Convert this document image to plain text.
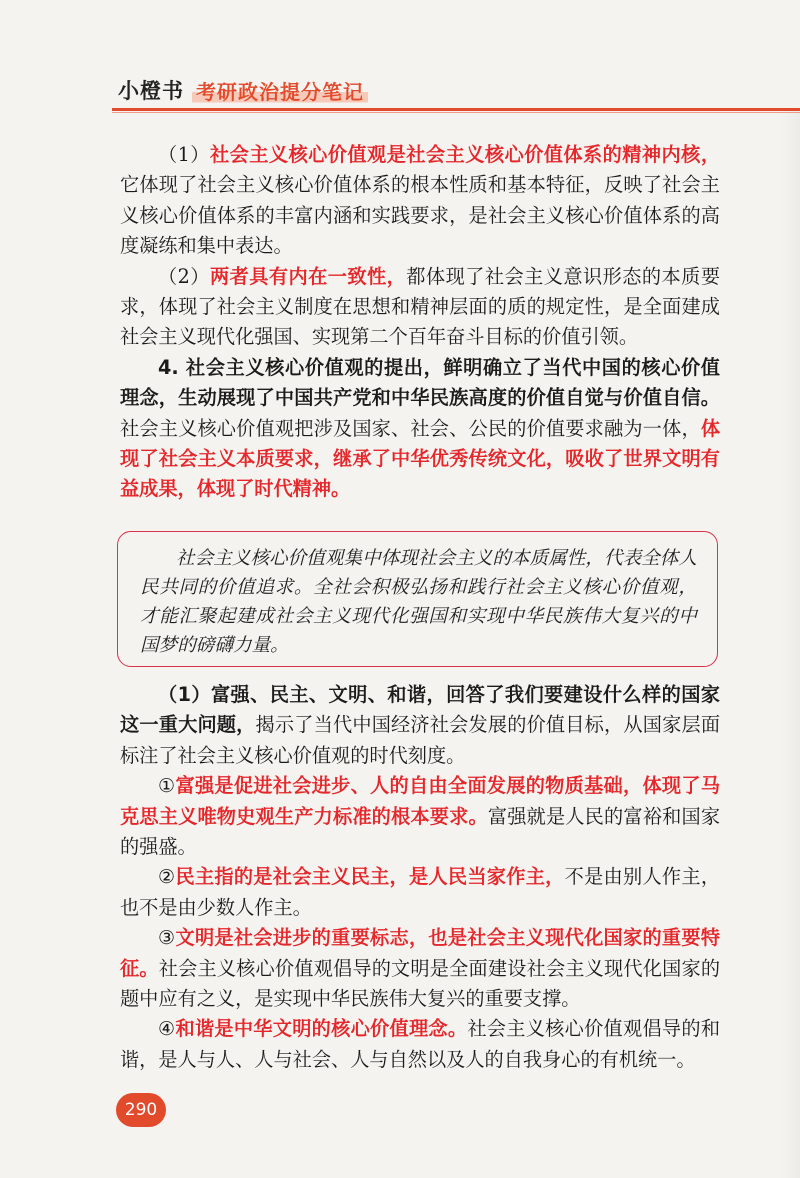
小橙书 考研政治提分笔记

（1）社会主义核心价值观是社会主义核心价值体系的精神内核，它体现了社会主义核心价值体系的根本性质和基本特征，反映了社会主义核心价值体系的丰富内涵和实践要求，是社会主义核心价值体系的高度凝练和集中表达。

（2）两者具有内在一致性，都体现了社会主义意识形态的本质要求，体现了社会主义制度在思想和精神层面的质的规定性，是全面建成社会主义现代化强国、实现第二个百年奋斗目标的价值引领。

4. 社会主义核心价值观的提出，鲜明确立了当代中国的核心价值理念，生动展现了中国共产党和中华民族高度的价值自觉与价值自信。社会主义核心价值观把涉及国家、社会、公民的价值要求融为一体，体现了社会主义本质要求，继承了中华优秀传统文化，吸收了世界文明有益成果，体现了时代精神。

社会主义核心价值观集中体现社会主义的本质属性，代表全体人民共同的价值追求。全社会积极弘扬和践行社会主义核心价值观，才能汇聚起建成社会主义现代化强国和实现中华民族伟大复兴的中国梦的磅礴力量。

（1）富强、民主、文明、和谐，回答了我们要建设什么样的国家这一重大问题，揭示了当代中国经济社会发展的价值目标，从国家层面标注了社会主义核心价值观的时代刻度。

①富强是促进社会进步、人的自由全面发展的物质基础，体现了马克思主义唯物史观生产力标准的根本要求。富强就是人民的富裕和国家的强盛。

②民主指的是社会主义民主，是人民当家作主，不是由别人作主，也不是由少数人作主。

③文明是社会进步的重要标志，也是社会主义现代化国家的重要特征。社会主义核心价值观倡导的文明是全面建设社会主义现代化国家的题中应有之义，是实现中华民族伟大复兴的重要支撑。

④和谐是中华文明的核心价值理念。社会主义核心价值观倡导的和谐，是人与人、人与社会、人与自然以及人的自我身心的有机统一。

290
